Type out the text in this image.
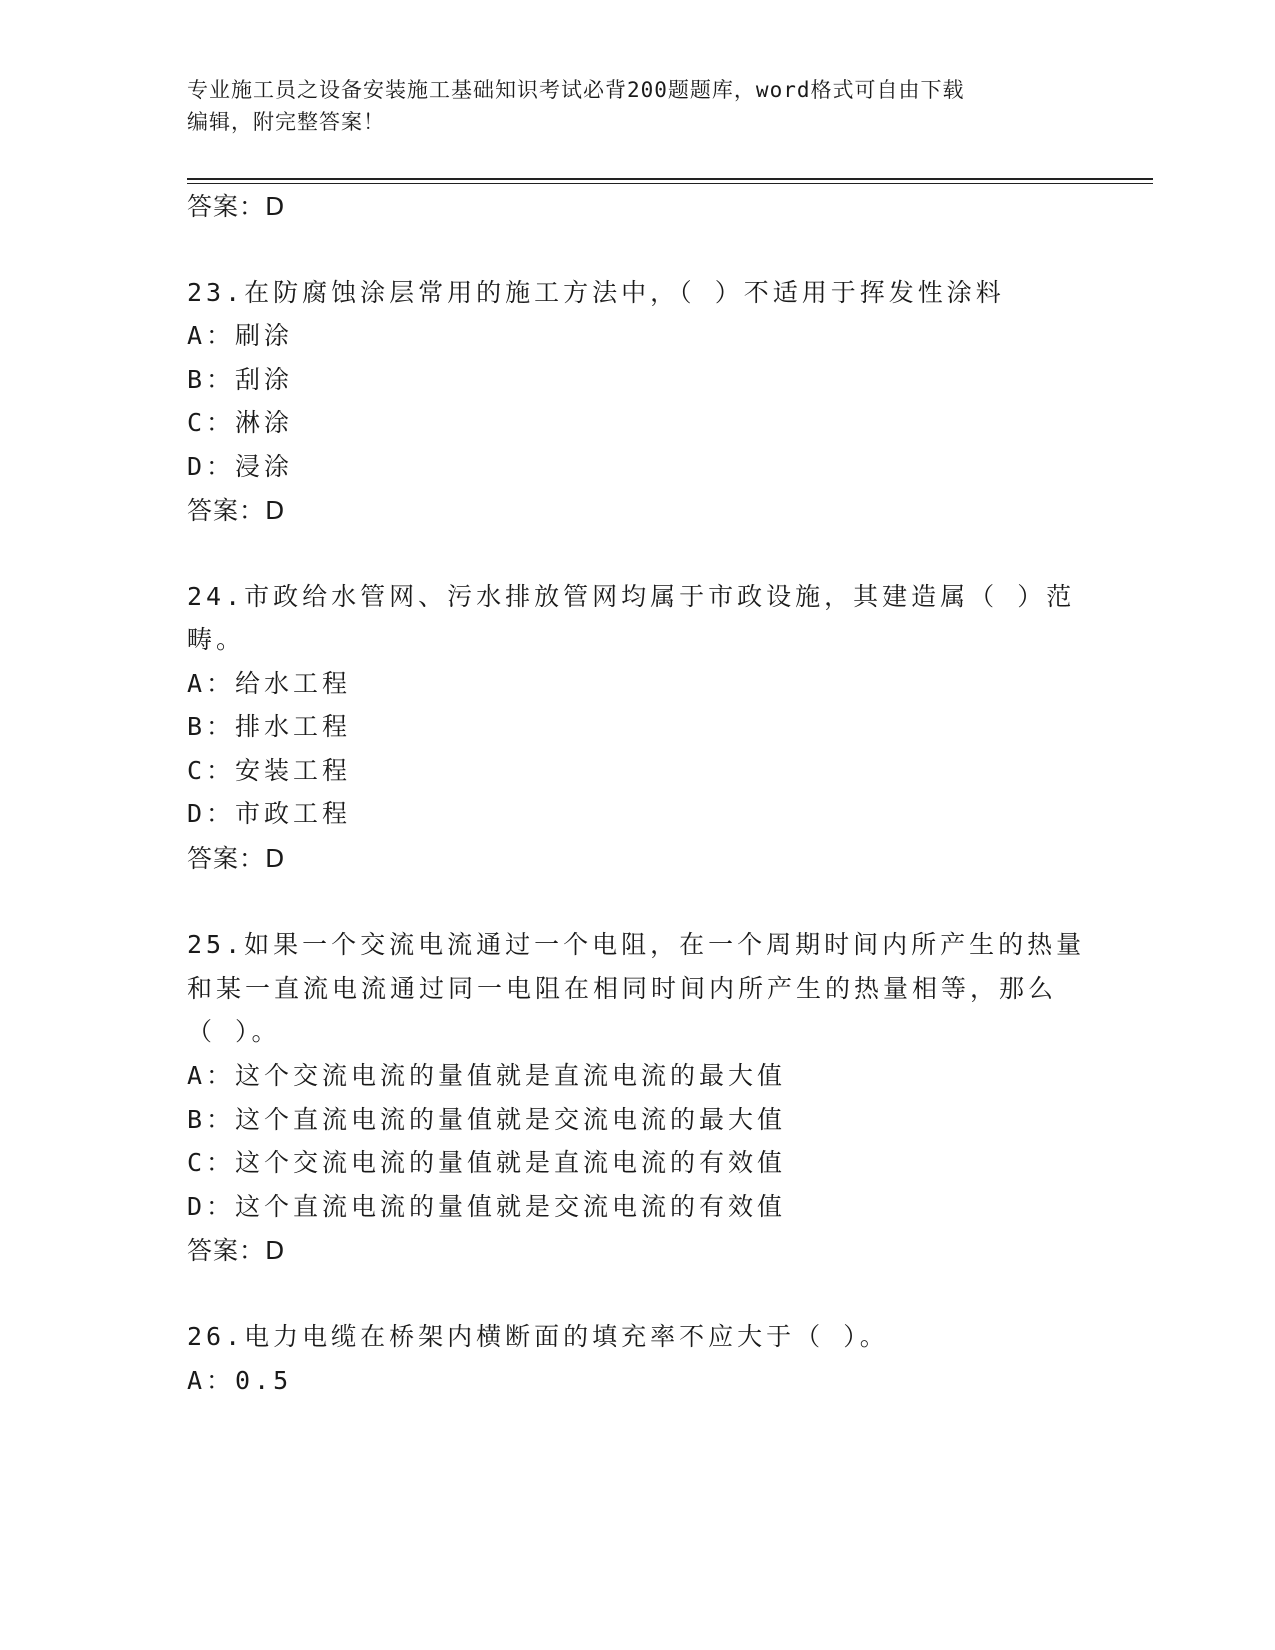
专业施工员之设备安装施工基础知识考试必背200题题库，word格式可自由下载
编辑，附完整答案！
答案：D
23.在防腐蚀涂层常用的施工方法中，（ ）不适用于挥发性涂料
A：刷涂
B：刮涂
C：淋涂
D：浸涂
答案：D
24.市政给水管网、污水排放管网均属于市政设施，其建造属（ ）范
畴。
A：给水工程
B：排水工程
C：安装工程
D：市政工程
答案：D
25.如果一个交流电流通过一个电阻，在一个周期时间内所产生的热量
和某一直流电流通过同一电阻在相同时间内所产生的热量相等，那么
（ ）。
A：这个交流电流的量值就是直流电流的最大值
B：这个直流电流的量值就是交流电流的最大值
C：这个交流电流的量值就是直流电流的有效值
D：这个直流电流的量值就是交流电流的有效值
答案：D
26.电力电缆在桥架内横断面的填充率不应大于（ ）。
A：0.5
